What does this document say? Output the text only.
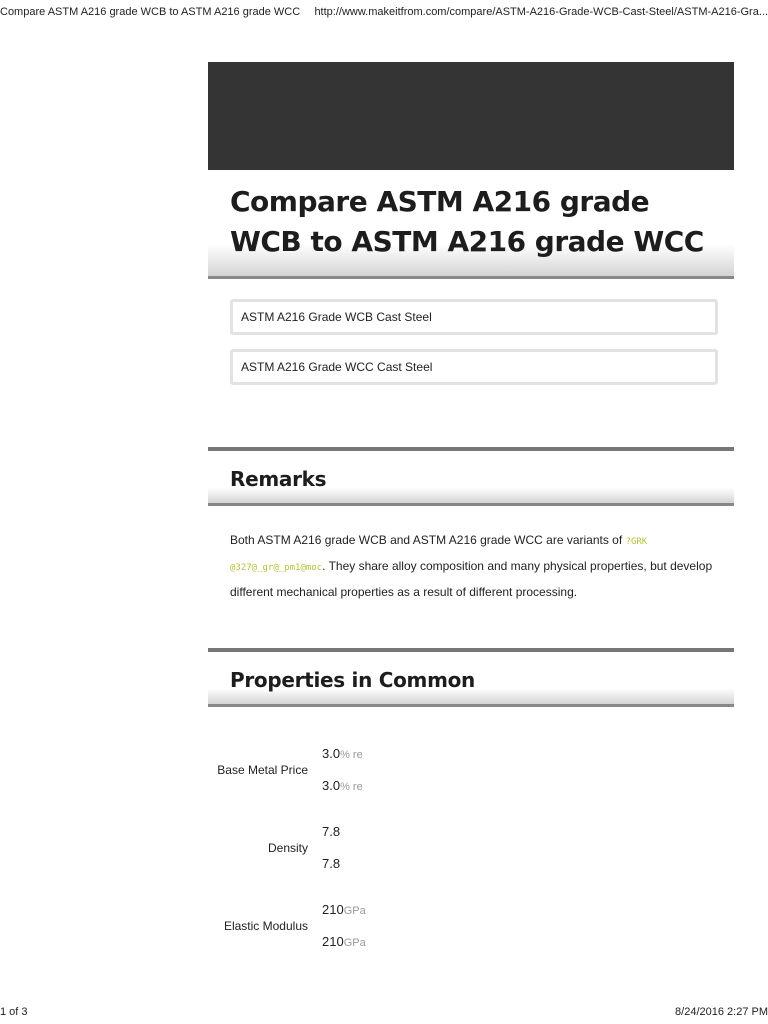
Compare ASTM A216 grade WCB to ASTM A216 grade WCC http://www.makeitfrom.com/compare/ASTM-A216-Grade-WCB-Cast-Steel/ASTM-A216-Gra...
Compare ASTM A216 grade WCB to ASTM A216 grade WCC
ASTM A216 Grade WCB Cast Steel
ASTM A216 Grade WCC Cast Steel
Remarks
Both ASTM A216 grade WCB and ASTM A216 grade WCC are variants of ?GRK @327@_gr@_pm1@moc. They share alloy composition and many physical properties, but develop different mechanical properties as a result of different processing.
Properties in Common
Base Metal Price
3.0% re
3.0% re
Density
7.8
7.8
Elastic Modulus
210GPa
210GPa
1 of 3	8/24/2016 2:27 PM
